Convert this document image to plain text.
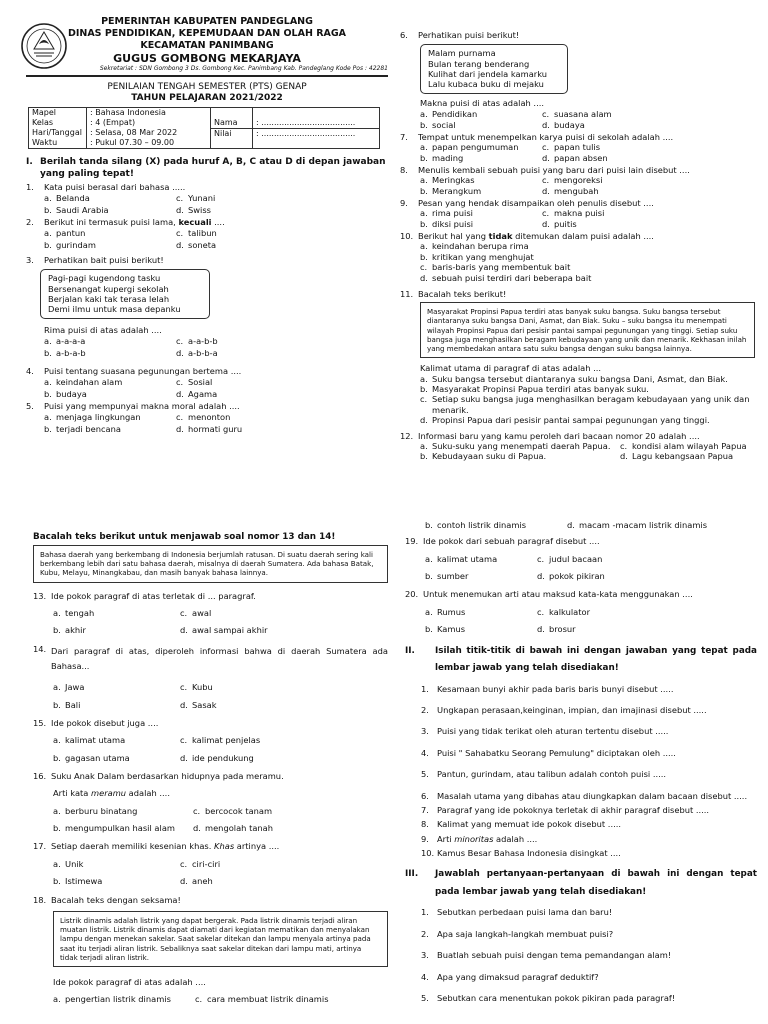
PEMERINTAH KABUPATEN PANDEGLANG
DINAS PENDIDIKAN, KEPEMUDAAN DAN OLAH RAGA
KECAMATAN PANIMBANG
GUGUS GOMBONG MEKARJAYA
Sekretariat : SDN Gombong 3 Ds. Gombong Kec. Panimbang Kab. Pandeglang Kode Pos : 42281
PENILAIAN TENGAH SEMESTER (PTS) GENAP
TAHUN PELAJARAN 2021/2022
Mapel	: Bahasa Indonesia	Nama	: .....................................
Kelas	: 4 (Empat)		
Hari/Tanggal	: Selasa, 08 Mar 2022	Nilai	: .....................................
Waktu	: Pukul 07.30 – 09.00		
I. Berilah tanda silang (X) pada huruf A, B, C atau D di depan jawaban yang paling tepat!
1.	Kata puisi berasal dari bahasa .....
a. Belanda	c. Yunani
b. Saudi Arabia	d. Swiss
2.	Berikut ini termasuk puisi lama, kecuali ....
a. pantun	c. talibun
b. gurindam	d. soneta
3.	Perhatikan bait puisi berikut!
Pagi-pagi kugendong tasku
Bersenangat kupergi sekolah
Berjalan kaki tak terasa lelah
Demi ilmu untuk masa depanku
Rima puisi di atas adalah ....
a. a-a-a-a	c. a-a-b-b
b. a-b-a-b	d. a-b-b-a
4.	Puisi tentang suasana pegunungan bertema ....
a. keindahan alam	c. Sosial
b. budaya	d. Agama
5.	Puisi yang mempunyai makna moral adalah ....
a. menjaga lingkungan	c. menonton
b. terjadi bencana	d. hormati guru
6.	Perhatikan puisi berikut!
Malam purnama
Bulan terang benderang
Kulihat dari jendela kamarku
Lalu kubaca buku di mejaku
Makna puisi di atas adalah ....
a. Pendidikan	c. suasana alam
b. social	d. budaya
7.	Tempat untuk menempelkan karya puisi di sekolah adalah ....
a. papan pengumuman	c. papan tulis
b. mading	d. papan absen
8.	Menulis kembali sebuah puisi yang baru dari puisi lain disebut ....
a. Meringkas	c. mengoreksi
b. Merangkum	d. mengubah
9.	Pesan yang hendak disampaikan oleh penulis disebut ....
a. rima puisi	c. makna puisi
b. diksi puisi	d. puitis
10. Berikut hal yang tidak ditemukan dalam puisi adalah ....
a. keindahan berupa rima
b. kritikan yang menghujat
c. baris-baris yang membentuk bait
d. sebuah puisi terdiri dari beberapa bait
11. Bacalah teks berikut!
Masyarakat Propinsi Papua terdiri atas banyak suku bangsa. Suku bangsa tersebut diantaranya suku bangsa Dani, Asmat, dan Biak. Suku – suku bangsa itu menempati wilayah Propinsi Papua dari pesisir pantai sampai pegunungan yang tinggi. Setiap suku bangsa juga menghasilkan beragam kebudayaan yang unik dan menarik. Kekhasan inilah yang membedakan antara satu suku bangsa dengan suku bangsa lainnya.
Kalimat utama di paragraf di atas adalah ...
a. Suku bangsa tersebut diantaranya suku bangsa Dani, Asmat, dan Biak.
b. Masyarakat Propinsi Papua terdiri atas banyak suku.
c. Setiap suku bangsa juga menghasilkan beragam kebudayaan yang unik dan menarik.
d. Propinsi Papua dari pesisir pantai sampai pegunungan yang tinggi.
12. Informasi baru yang kamu peroleh dari bacaan nomor 20 adalah ....
a. Suku-suku yang menempati daerah Papua.	c. kondisi alam wilayah Papua
b. Kebudayaan suku di Papua.	d. Lagu kebangsaan Papua
Bacalah teks berikut untuk menjawab soal nomor 13 dan 14!
Bahasa daerah yang berkembang di Indonesia berjumlah ratusan. Di suatu daerah sering kali berkembang lebih dari satu bahasa daerah, misalnya di daerah Sumatera. Ada bahasa Batak, Kubu, Melayu, Minangkabau, dan masih banyak bahasa lainnya.
13. Ide pokok paragraf di atas terletak di ... paragraf.
a. tengah	c. awal
b. akhir	d. awal sampai akhir
14. Dari paragraf di atas, diperoleh informasi bahwa di daerah Sumatera ada Bahasa...
a. Jawa	c. Kubu
b. Bali	d. Sasak
15. Ide pokok disebut juga ....
a. kalimat utama	c. kalimat penjelas
b. gagasan utama	d. ide pendukung
16. Suku Anak Dalam berdasarkan hidupnya pada meramu.
Arti kata meramu adalah ....
a. berburu binatang	c. bercocok tanam
b. mengumpulkan hasil alam	d. mengolah tanah
17. Setiap daerah memiliki kesenian khas. Khas artinya ....
a. Unik	c. ciri-ciri
b. Istimewa	d. aneh
18. Bacalah teks dengan seksama!
Listrik dinamis adalah listrik yang dapat bergerak. Pada listrik dinamis terjadi aliran muatan listrik. Listrik dinamis dapat diamati dari kegiatan mematikan dan menyalakan lampu dengan menekan sakelar. Saat sakelar ditekan dan lampu menyala artinya pada saat itu terjadi aliran listrik. Sebaliknya saat sakelar ditekan dari lampu mati, artinya tidak terjadi aliran listrik.
Ide pokok paragraf di atas adalah ....
a. pengertian listrik dinamis	c. cara membuat listrik dinamis
b. contoh listrik dinamis	d. macam -macam listrik dinamis
19. Ide pokok dari sebuah paragraf disebut ....
a. kalimat utama	c. judul bacaan
b. sumber	d. pokok pikiran
20. Untuk menemukan arti atau maksud kata-kata menggunakan ....
a. Rumus	c. kalkulator
b. Kamus	d. brosur
II.	Isilah titik-titik di bawah ini dengan jawaban yang tepat pada lembar jawab yang telah disediakan!
1. Kesamaan bunyi akhir pada baris baris bunyi disebut .....
2. Ungkapan perasaan,keinginan, impian, dan imajinasi disebut .....
3. Puisi yang tidak terikat oleh aturan tertentu disebut .....
4. Puisi " Sahabatku Seorang Pemulung" diciptakan oleh .....
5. Pantun, gurindam, atau talibun adalah contoh puisi .....
6. Masalah utama yang dibahas atau diungkapkan dalam bacaan disebut .....
7. Paragraf yang ide pokoknya terletak di akhir paragraf disebut .....
8. Kalimat yang memuat ide pokok disebut .....
9. Arti minoritas adalah ....
10. Kamus Besar Bahasa Indonesia disingkat ....
III.	Jawablah pertanyaan-pertanyaan di bawah ini dengan tepat pada lembar jawab yang telah disediakan!
1. Sebutkan perbedaan puisi lama dan baru!
2. Apa saja langkah-langkah membuat puisi?
3. Buatlah sebuah puisi dengan tema pemandangan alam!
4. Apa yang dimaksud paragraf deduktif?
5. Sebutkan cara menentukan pokok pikiran pada paragraf!
